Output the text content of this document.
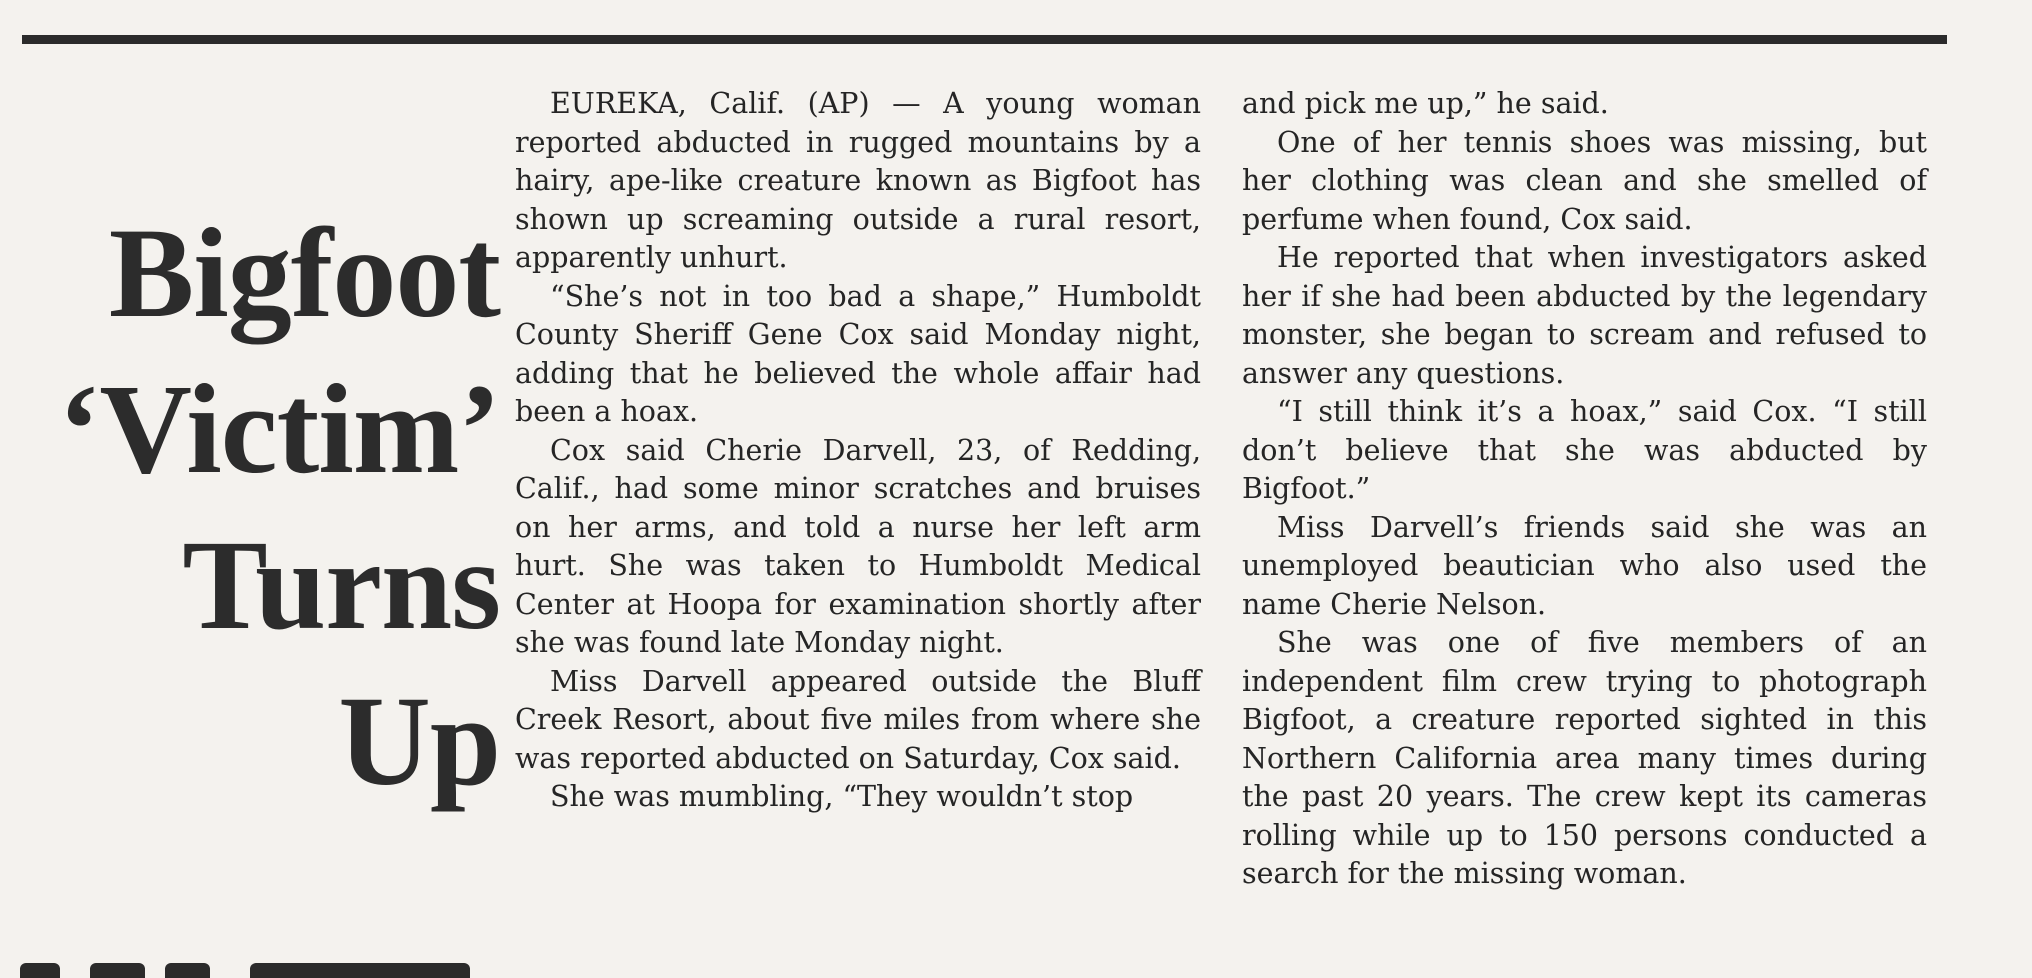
Bigfoot
‘Victim’
Turns
Up

EUREKA, Calif. (AP) — A young woman reported abducted in rugged mountains by a hairy, ape-like creature known as Bigfoot has shown up screaming outside a rural resort, apparently unhurt.

“She’s not in too bad a shape,” Humboldt County Sheriff Gene Cox said Monday night, adding that he believed the whole affair had been a hoax.

Cox said Cherie Darvell, 23, of Redding, Calif., had some minor scratches and bruises on her arms, and told a nurse her left arm hurt. She was taken to Humboldt Medical Center at Hoopa for examination shortly after she was found late Monday night.

Miss Darvell appeared outside the Bluff Creek Resort, about five miles from where she was reported abducted on Saturday, Cox said.

She was mumbling, “They wouldn’t stop

and pick me up,” he said.

One of her tennis shoes was missing, but her clothing was clean and she smelled of perfume when found, Cox said.

He reported that when investigators asked her if she had been abducted by the legendary monster, she began to scream and refused to answer any questions.

“I still think it’s a hoax,” said Cox. “I still don’t believe that she was abducted by Bigfoot.”

Miss Darvell’s friends said she was an unemployed beautician who also used the name Cherie Nelson.

She was one of five members of an independent film crew trying to photograph Bigfoot, a creature reported sighted in this Northern California area many times during the past 20 years. The crew kept its cameras rolling while up to 150 persons conducted a search for the missing woman.
